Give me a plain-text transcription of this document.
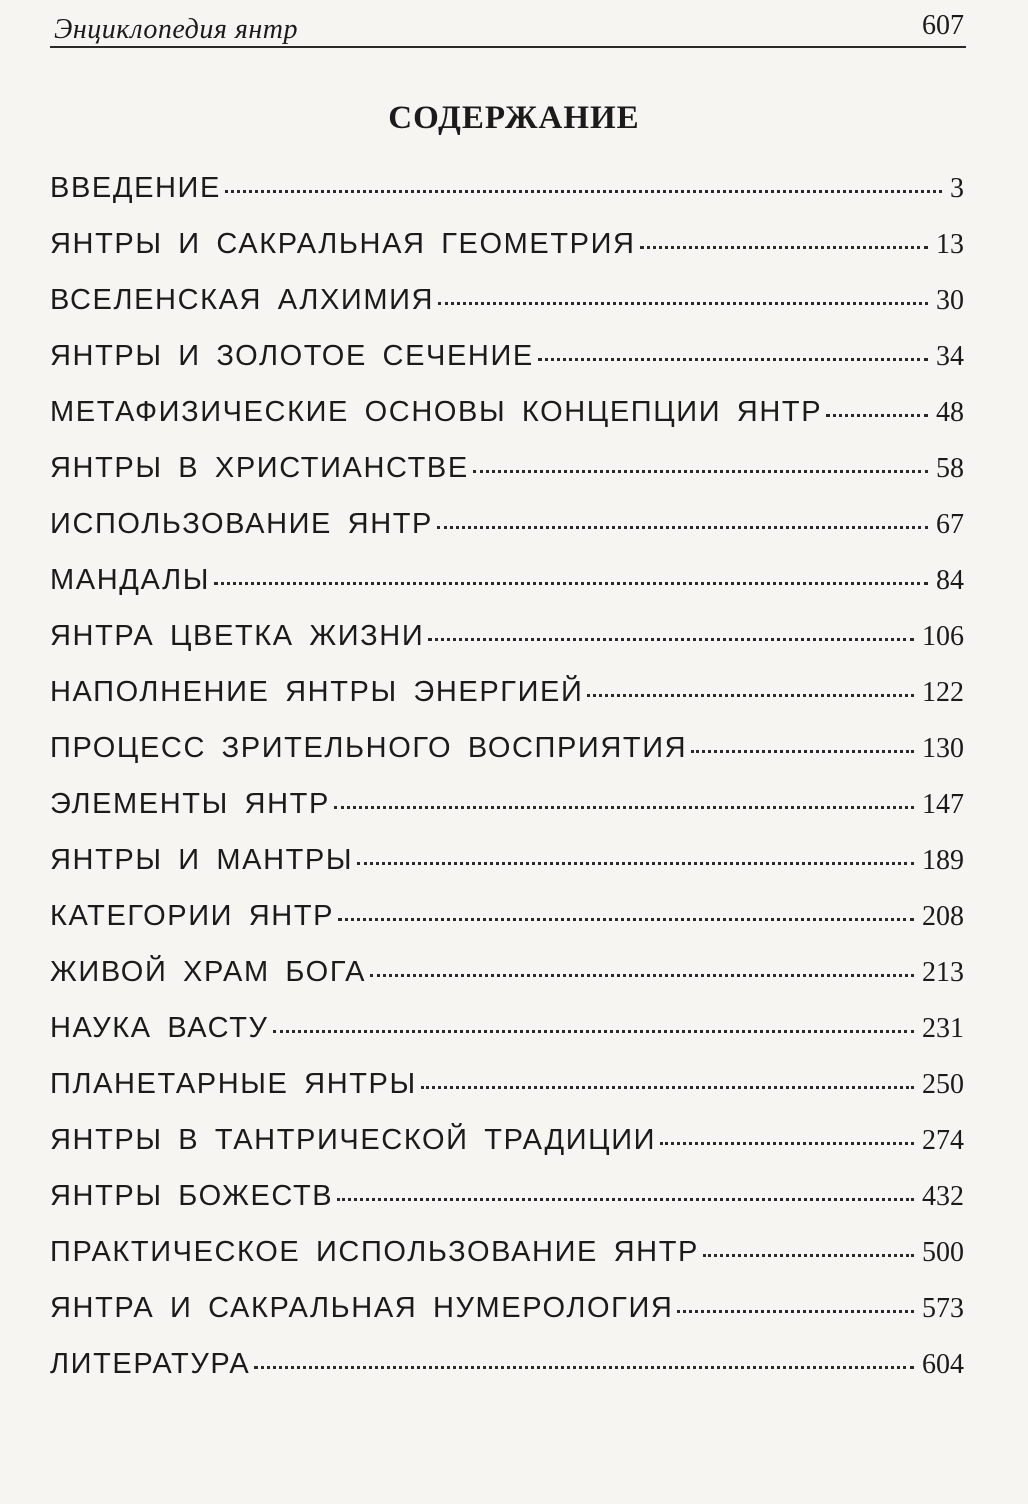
Энциклопедия янтр	607
СОДЕРЖАНИЕ
ВВЕДЕНИЕ	3
ЯНТРЫ И САКРАЛЬНАЯ ГЕОМЕТРИЯ	13
ВСЕЛЕНСКАЯ АЛХИМИЯ	30
ЯНТРЫ И ЗОЛОТОЕ СЕЧЕНИЕ	34
МЕТАФИЗИЧЕСКИЕ ОСНОВЫ КОНЦЕПЦИИ ЯНТР	48
ЯНТРЫ В ХРИСТИАНСТВЕ	58
ИСПОЛЬЗОВАНИЕ ЯНТР	67
МАНДАЛЫ	84
ЯНТРА ЦВЕТКА ЖИЗНИ	106
НАПОЛНЕНИЕ ЯНТРЫ ЭНЕРГИЕЙ	122
ПРОЦЕСС ЗРИТЕЛЬНОГО ВОСПРИЯТИЯ	130
ЭЛЕМЕНТЫ ЯНТР	147
ЯНТРЫ И МАНТРЫ	189
КАТЕГОРИИ ЯНТР	208
ЖИВОЙ ХРАМ БОГА	213
НАУКА ВАСТУ	231
ПЛАНЕТАРНЫЕ ЯНТРЫ	250
ЯНТРЫ В ТАНТРИЧЕСКОЙ ТРАДИЦИИ	274
ЯНТРЫ БОЖЕСТВ	432
ПРАКТИЧЕСКОЕ ИСПОЛЬЗОВАНИЕ ЯНТР	500
ЯНТРА И САКРАЛЬНАЯ НУМЕРОЛОГИЯ	573
ЛИТЕРАТУРА	604
